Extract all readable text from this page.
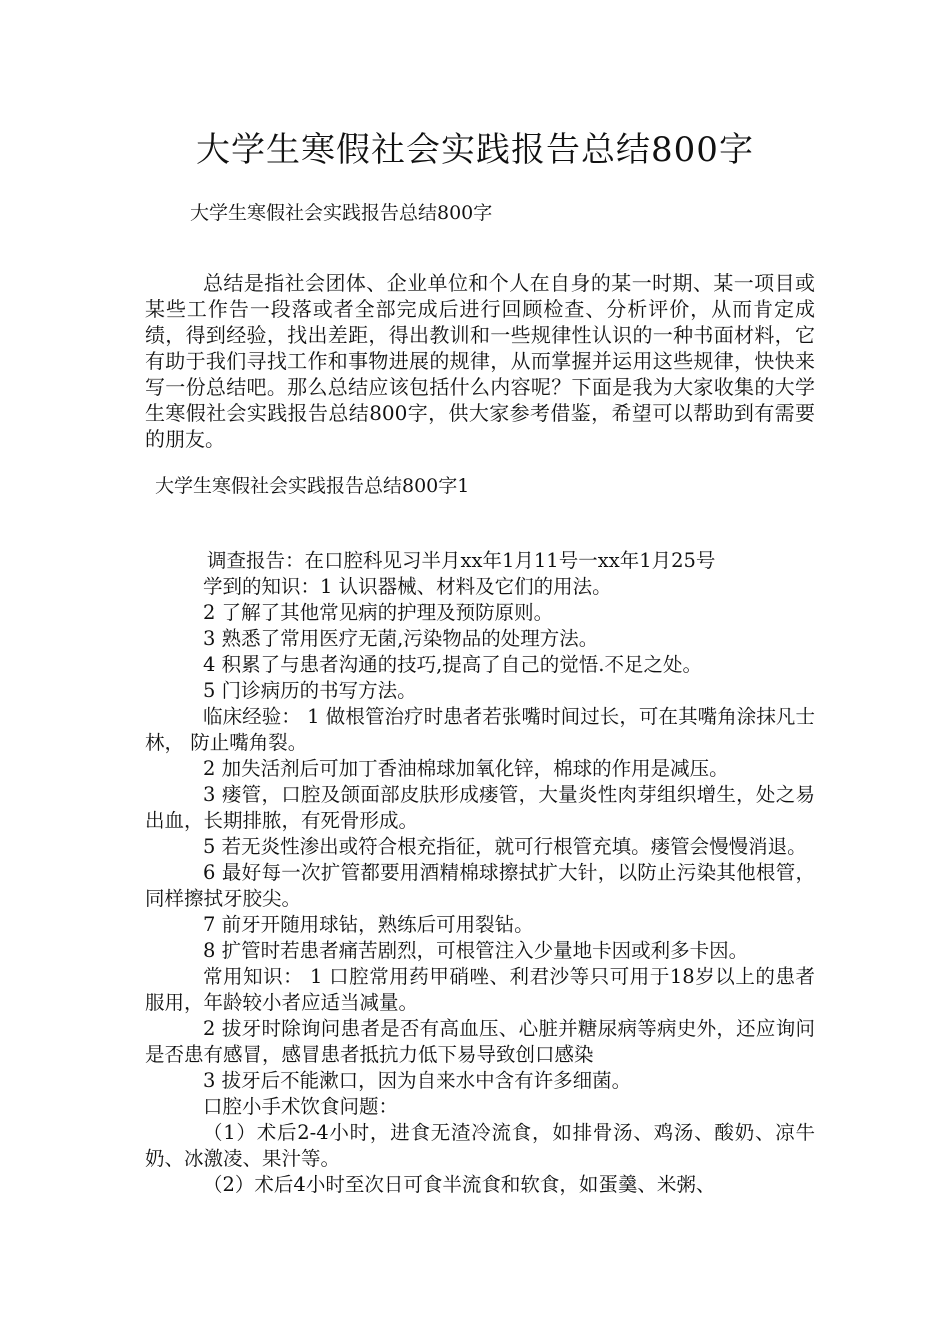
大学生寒假社会实践报告总结800字
大学生寒假社会实践报告总结800字

总结是指社会团体、企业单位和个人在自身的某一时期、某一项目或某些工作告一段落或者全部完成后进行回顾检查、分析评价，从而肯定成绩，得到经验，找出差距，得出教训和一些规律性认识的一种书面材料，它有助于我们寻找工作和事物进展的规律，从而掌握并运用这些规律，快快来写一份总结吧。那么总结应该包括什么内容呢？下面是我为大家收集的大学生寒假社会实践报告总结800字，供大家参考借鉴，希望可以帮助到有需要的朋友。

大学生寒假社会实践报告总结800字1

调查报告：在口腔科见习半月xx年1月11号一xx年1月25号

学到的知识：1 认识器械、材料及它们的用法。

2 了解了其他常见病的护理及预防原则。

3 熟悉了常用医疗无菌,污染物品的处理方法。

4 积累了与患者沟通的技巧,提高了自己的觉悟.不足之处。

5 门诊病历的书写方法。

临床经验： 1 做根管治疗时患者若张嘴时间过长，可在其嘴角涂抹凡士林， 防止嘴角裂。

2 加失活剂后可加丁香油棉球加氧化锌，棉球的作用是减压。

3 瘘管，口腔及颌面部皮肤形成瘘管，大量炎性肉芽组织增生，处之易出血，长期排脓，有死骨形成。

5 若无炎性渗出或符合根充指征，就可行根管充填。瘘管会慢慢消退。

6 最好每一次扩管都要用酒精棉球擦拭扩大针，以防止污染其他根管，同样擦拭牙胶尖。

7 前牙开随用球钻，熟练后可用裂钻。

8 扩管时若患者痛苦剧烈，可根管注入少量地卡因或利多卡因。

常用知识： 1 口腔常用药甲硝唑、利君沙等只可用于18岁以上的患者服用，年龄较小者应适当减量。

2 拔牙时除询问患者是否有高血压、心脏并糖尿病等病史外，还应询问是否患有感冒，感冒患者抵抗力低下易导致创口感染

3 拔牙后不能漱口，因为自来水中含有许多细菌。

口腔小手术饮食问题：

（1）术后2-4小时，进食无渣冷流食，如排骨汤、鸡汤、酸奶、凉牛奶、冰激凌、果汁等。

（2）术后4小时至次日可食半流食和软食，如蛋羹、米粥、
